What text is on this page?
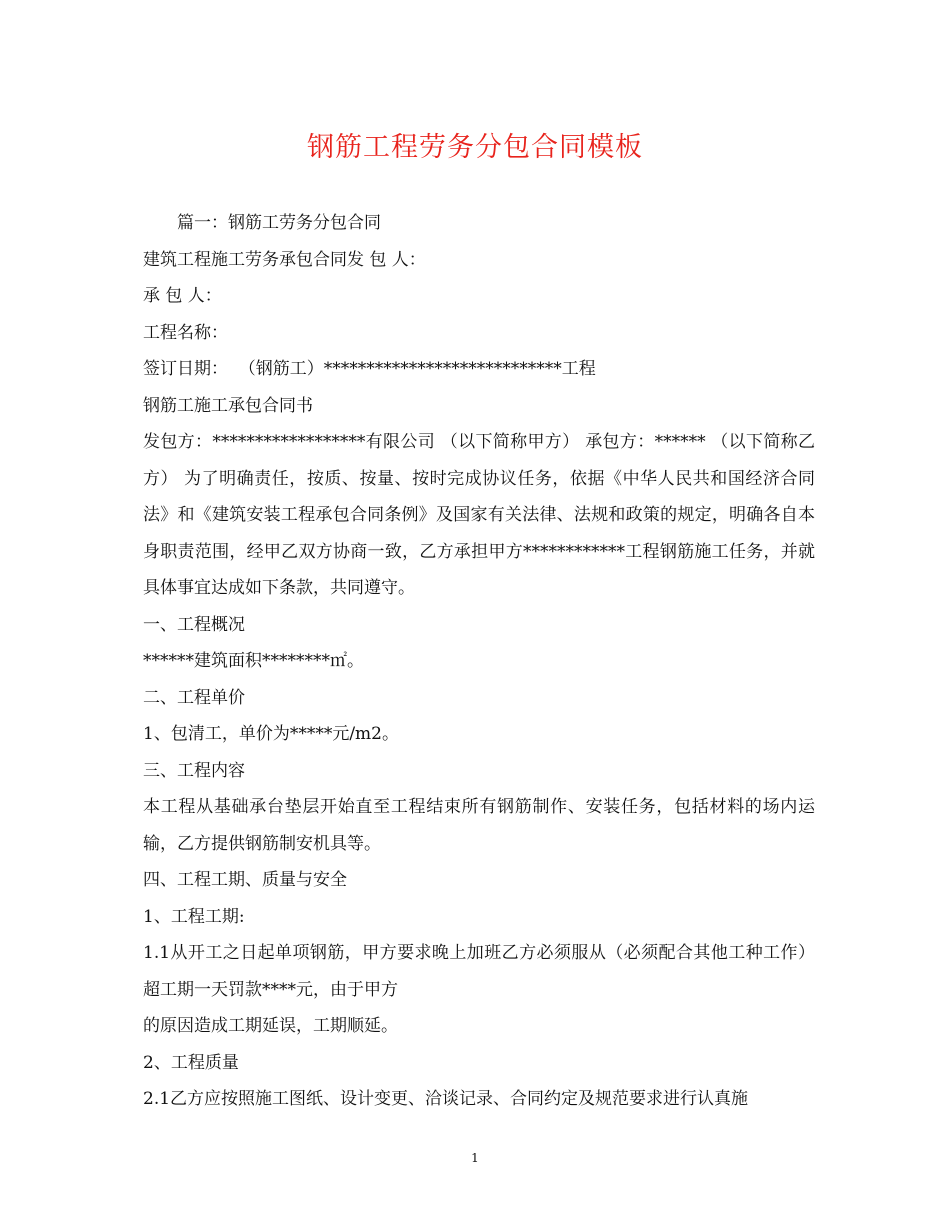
钢筋工程劳务分包合同模板

篇一：钢筋工劳务分包合同

建筑工程施工劳务承包合同发 包 人：

承 包 人：

工程名称：

签订日期：  （钢筋工）****************************工程

钢筋工施工承包合同书

发包方：******************有限公司 （以下简称甲方） 承包方：****** （以下简称乙方） 为了明确责任，按质、按量、按时完成协议任务，依据《中华人民共和国经济合同法》和《建筑安装工程承包合同条例》及国家有关法律、法规和政策的规定，明确各自本身职责范围，经甲乙双方协商一致，乙方承担甲方************工程钢筋施工任务，并就具体事宜达成如下条款，共同遵守。

一、工程概况

******建筑面积********㎡。

二、工程单价

1、包清工，单价为*****元/m2。

三、工程内容

本工程从基础承台垫层开始直至工程结束所有钢筋制作、安装任务，包括材料的场内运输，乙方提供钢筋制安机具等。

四、工程工期、质量与安全

1、工程工期:

1.1从开工之日起单项钢筋，甲方要求晚上加班乙方必须服从（必须配合其他工种工作）超工期一天罚款****元，由于甲方

的原因造成工期延误，工期顺延。

2、工程质量

2.1乙方应按照施工图纸、设计变更、洽谈记录、合同约定及规范要求进行认真施

1
